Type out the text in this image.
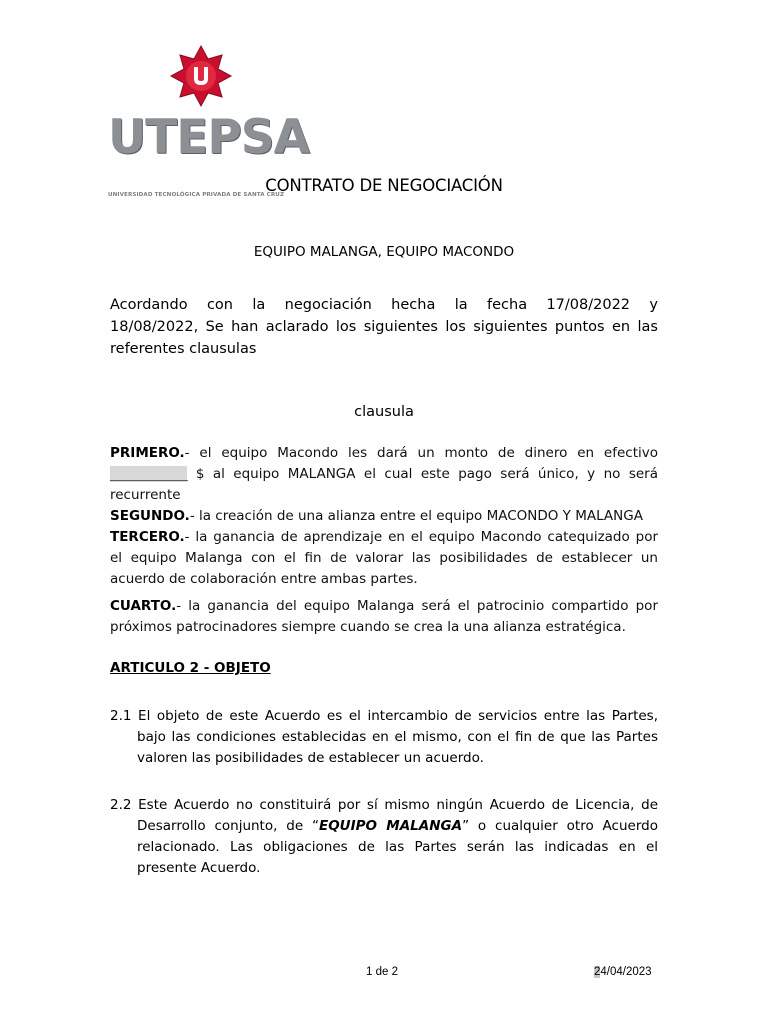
UTEPSA
UNIVERSIDAD TECNOLÓGICA PRIVADA DE SANTA CRUZ
CONTRATO DE NEGOCIACIÓN
EQUIPO MALANGA, EQUIPO MACONDO
Acordando con la negociación hecha la fecha 17/08/2022 y
18/08/2022, Se han aclarado los siguientes los siguientes puntos en las
referentes clausulas
clausula
PRIMERO.- el equipo Macondo les dará un monto de dinero en efectivo
____________ $ al equipo MALANGA el cual este pago será único, y no será
recurrente
SEGUNDO.- la creación de una alianza entre el equipo MACONDO Y MALANGA
TERCERO.- la ganancia de aprendizaje en el equipo Macondo catequizado por
el equipo Malanga con el fin de valorar las posibilidades de establecer un
acuerdo de colaboración entre ambas partes.
CUARTO.- la ganancia del equipo Malanga será el patrocinio compartido por
próximos patrocinadores siempre cuando se crea la una alianza estratégica.
ARTICULO 2 - OBJETO
2.1 El objeto de este Acuerdo es el intercambio de servicios entre las Partes,
bajo las condiciones establecidas en el mismo, con el fin de que las Partes
valoren las posibilidades de establecer un acuerdo.
2.2 Este Acuerdo no constituirá por sí mismo ningún Acuerdo de Licencia, de
Desarrollo conjunto, de “EQUIPO MALANGA” o cualquier otro Acuerdo
relacionado. Las obligaciones de las Partes serán las indicadas en el
presente Acuerdo.
1 de 2	24/04/2023
